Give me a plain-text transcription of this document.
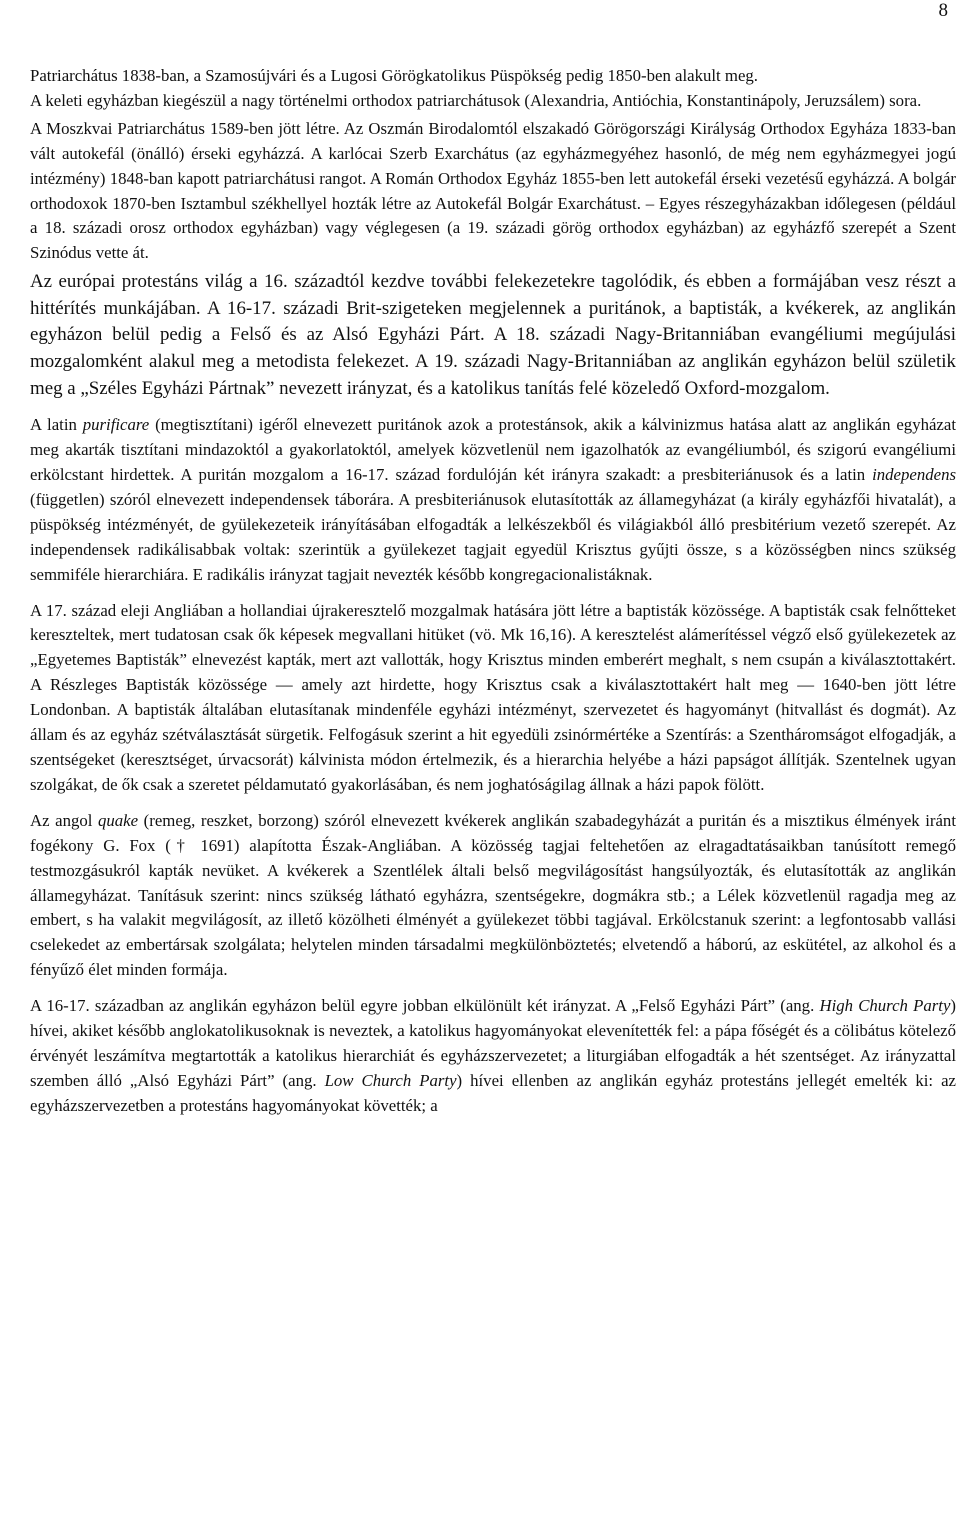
8

Patriarchátus 1838-ban, a Szamosújvári és a Lugosi Görögkatolikus Püspökség pedig 1850-ben alakult meg.

A keleti egyházban kiegészül a nagy történelmi orthodox patriarchátusok (Alexandria, Antióchia, Konstantinápoly, Jeruzsálem) sora.

A Moszkvai Patriarchátus 1589-ben jött létre. Az Oszmán Birodalomtól elszakadó Görögországi Királyság Orthodox Egyháza 1833-ban vált autokefál (önálló) érseki egyházzá. A karlócai Szerb Exarchátus (az egyházmegyéhez hasonló, de még nem egyházmegyei jogú intézmény) 1848-ban kapott patriarchátusi rangot. A Román Orthodox Egyház 1855-ben lett autokefál érseki vezetésű egyházzá. A bolgár orthodoxok 1870-ben Isztambul székhellyel hozták létre az Autokefál Bolgár Exarchátust. – Egyes részegyházakban időlegesen (például a 18. századi orosz orthodox egyházban) vagy véglegesen (a 19. századi görög orthodox egyházban) az egyházfő szerepét a Szent Szinódus vette át.

Az európai protestáns világ a 16. századtól kezdve további felekezetekre tagolódik, és ebben a formájában vesz részt a hittérítés munkájában. A 16-17. századi Brit-szigeteken megjelennek a puritánok, a baptisták, a kvékerek, az anglikán egyházon belül pedig a Felső és az Alsó Egyházi Párt. A 18. századi Nagy-Britanniában evangéliumi megújulási mozgalomként alakul meg a metodista felekezet. A 19. századi Nagy-Britanniában az anglikán egyházon belül születik meg a „Széles Egyházi Pártnak” nevezett irányzat, és a katolikus tanítás felé közeledő Oxford-mozgalom.

A latin purificare (megtisztítani) igéről elnevezett puritánok azok a protestánsok, akik a kálvinizmus hatása alatt az anglikán egyházat meg akarták tisztítani mindazoktól a gyakorlatoktól, amelyek közvetlenül nem igazolhatók az evangéliumból, és szigorú evangéliumi erkölcstant hirdettek. A puritán mozgalom a 16-17. század fordulóján két irányra szakadt: a presbiteriánusok és a latin independens (független) szóról elnevezett independensek táborára. A presbiteriánusok elutasították az államegyházat (a király egyházfői hivatalát), a püspökség intézményét, de gyülekezeteik irányításában elfogadták a lelkészekből és világiakból álló presbitérium vezető szerepét. Az independensek radikálisabbak voltak: szerintük a gyülekezet tagjait egyedül Krisztus gyűjti össze, s a közösségben nincs szükség semmiféle hierarchiára. E radikális irányzat tagjait nevezték később kongregacionalistáknak.

A 17. század eleji Angliában a hollandiai újrakeresztelő mozgalmak hatására jött létre a baptisták közössége. A baptisták csak felnőtteket kereszteltek, mert tudatosan csak ők képesek megvallani hitüket (vö. Mk 16,16). A keresztelést alámerítéssel végző első gyülekezetek az „Egyetemes Baptisták” elnevezést kapták, mert azt vallották, hogy Krisztus minden emberért meghalt, s nem csupán a kiválasztottakért. A Részleges Baptisták közössége — amely azt hirdette, hogy Krisztus csak a kiválasztottakért halt meg — 1640-ben jött létre Londonban. A baptisták általában elutasítanak mindenféle egyházi intézményt, szervezetet és hagyományt (hitvallást és dogmát). Az állam és az egyház szétválasztását sürgetik. Felfogásuk szerint a hit egyedüli zsinórmértéke a Szentírás: a Szentháromságot elfogadják, a szentségeket (keresztséget, úrvacsorát) kálvinista módon értelmezik, és a hierarchia helyébe a házi papságot állítják. Szentelnek ugyan szolgákat, de ők csak a szeretet példamutató gyakorlásában, és nem joghatóságilag állnak a házi papok fölött.

Az angol quake (remeg, reszket, borzong) szóról elnevezett kvékerek anglikán szabadegyházát a puritán és a misztikus élmények iránt fogékony G. Fox († 1691) alapította Észak-Angliában. A közösség tagjai feltehetően az elragadtatásaikban tanúsított remegő testmozgásukról kapták nevüket. A kvékerek a Szentlélek általi belső megvilágosítást hangsúlyozták, és elutasították az anglikán államegyházat. Tanításuk szerint: nincs szükség látható egyházra, szentségekre, dogmákra stb.; a Lélek közvetlenül ragadja meg az embert, s ha valakit megvilágosít, az illető közölheti élményét a gyülekezet többi tagjával. Erkölcstanuk szerint: a legfontosabb vallási cselekedet az embertársak szolgálata; helytelen minden társadalmi megkülönböztetés; elvetendő a háború, az eskütétel, az alkohol és a fényűző élet minden formája.

A 16-17. században az anglikán egyházon belül egyre jobban elkülönült két irányzat. A „Felső Egyházi Párt” (ang. High Church Party) hívei, akiket később anglokatolikusoknak is neveztek, a katolikus hagyományokat elevenítették fel: a pápa főségét és a cölibátus kötelező érvényét leszámítva megtartották a katolikus hierarchiát és egyházszervezetet; a liturgiában elfogadták a hét szentséget. Az irányzattal szemben álló „Alsó Egyházi Párt” (ang. Low Church Party) hívei ellenben az anglikán egyház protestáns jellegét emelték ki: az egyházszervezetben a protestáns hagyományokat követték; a
